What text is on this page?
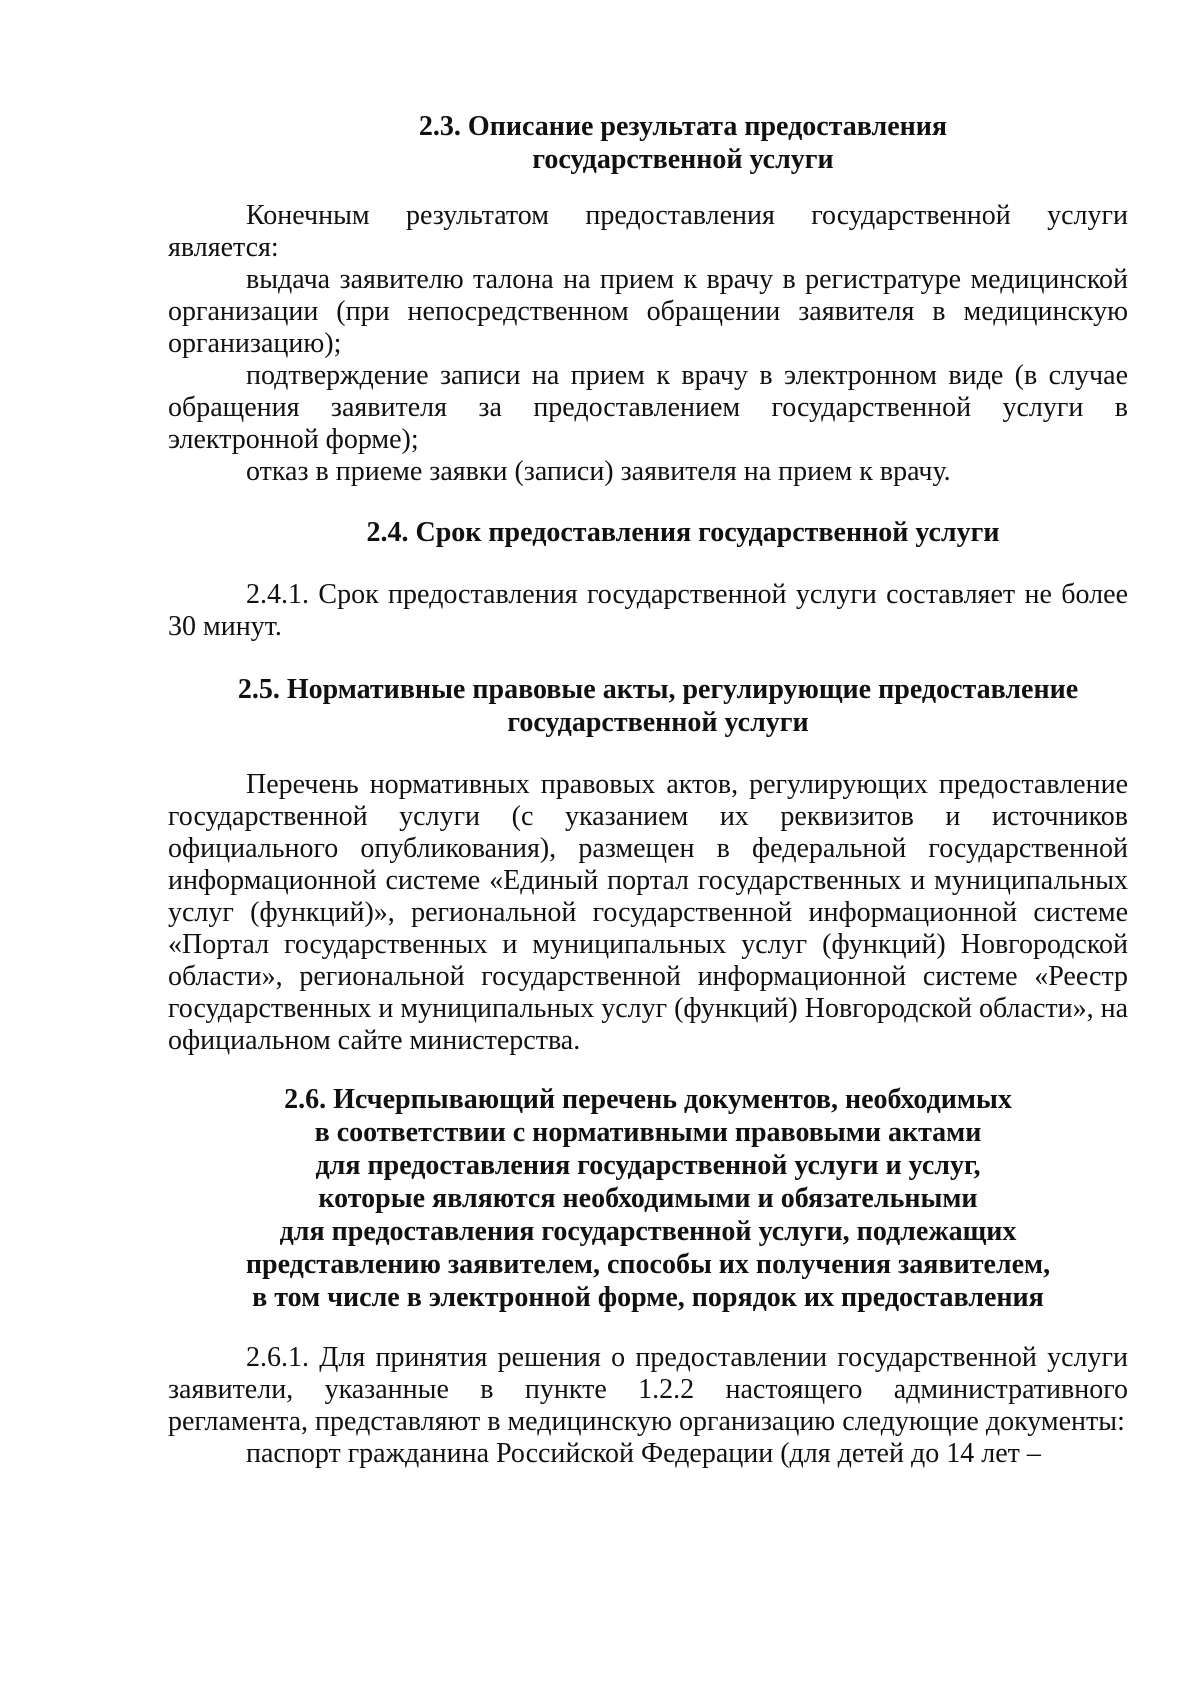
2.3. Описание результата предоставления
государственной услуги

Конечным результатом предоставления государственной услуги является:

выдача заявителю талона на прием к врачу в регистратуре медицинской организации (при непосредственном обращении заявителя в медицинскую организацию);

подтверждение записи на прием к врачу в электронном виде (в случае обращения заявителя за предоставлением государственной услуги в электронной форме);

отказ в приеме заявки (записи) заявителя на прием к врачу.

2.4. Срок предоставления государственной услуги

2.4.1. Срок предоставления государственной услуги составляет не более 30 минут.

2.5. Нормативные правовые акты, регулирующие предоставление
государственной услуги

Перечень нормативных правовых актов, регулирующих предоставление государственной услуги (с указанием их реквизитов и источников официального опубликования), размещен в федеральной государственной информационной системе «Единый портал государственных и муниципальных услуг (функций)», региональной государственной информационной системе «Портал государственных и муниципальных услуг (функций) Новгородской области», региональной государственной информационной системе «Реестр государственных и муниципальных услуг (функций) Новгородской области», на официальном сайте министерства.

2.6. Исчерпывающий перечень документов, необходимых
в соответствии с нормативными правовыми актами
для предоставления государственной услуги и услуг,
которые являются необходимыми и обязательными
для предоставления государственной услуги, подлежащих
представлению заявителем, способы их получения заявителем,
в том числе в электронной форме, порядок их предоставления

2.6.1. Для принятия решения о предоставлении государственной услуги заявители, указанные в пункте 1.2.2 настоящего административного регламента, представляют в медицинскую организацию следующие документы:

паспорт гражданина Российской Федерации (для детей до 14 лет –
